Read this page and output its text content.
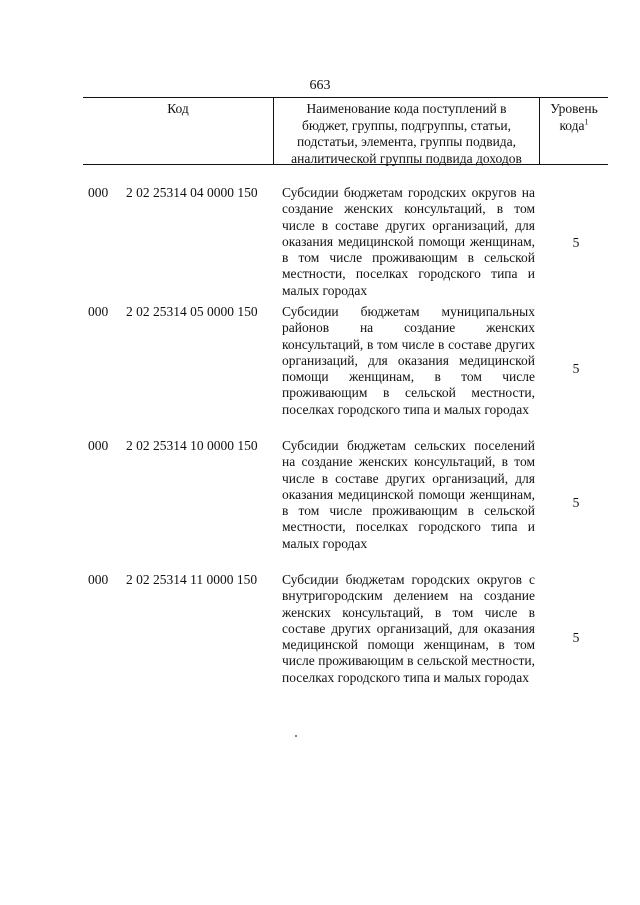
663
Код	Наименование кода поступлений в
бюджет, группы, подгруппы, статьи,
подстатьи, элемента, группы подвида,
аналитической группы подвида доходов
Уровень
кода$^1$
000 2 02 25314 04 0000 150 Субсидии бюджетам городских округов на создание женских консультаций, в том числе в составе других организаций, для оказания медицинской помощи женщинам, в том числе проживающим в сельской местности, поселках городского типа и малых городах
5
000 2 02 25314 05 0000 150 Субсидии бюджетам муниципальных районов на создание женских консультаций, в том числе в составе других организаций, для оказания медицинской помощи женщинам, в том числе проживающим в сельской местности, поселках городского типа и малых городах
5
000 2 02 25314 10 0000 150 Субсидии бюджетам сельских поселений на создание женских консультаций, в том числе в составе других организаций, для оказания медицинской помощи женщинам, в том числе проживающим в сельской местности, поселках городского типа и малых городах
5
000 2 02 25314 11 0000 150 Субсидии бюджетам городских округов с внутригородским делением на создание женских консультаций, в том числе в составе других организаций, для оказания медицинской помощи женщинам, в том числе проживающим в сельской местности, поселках городского типа и малых городах
5
